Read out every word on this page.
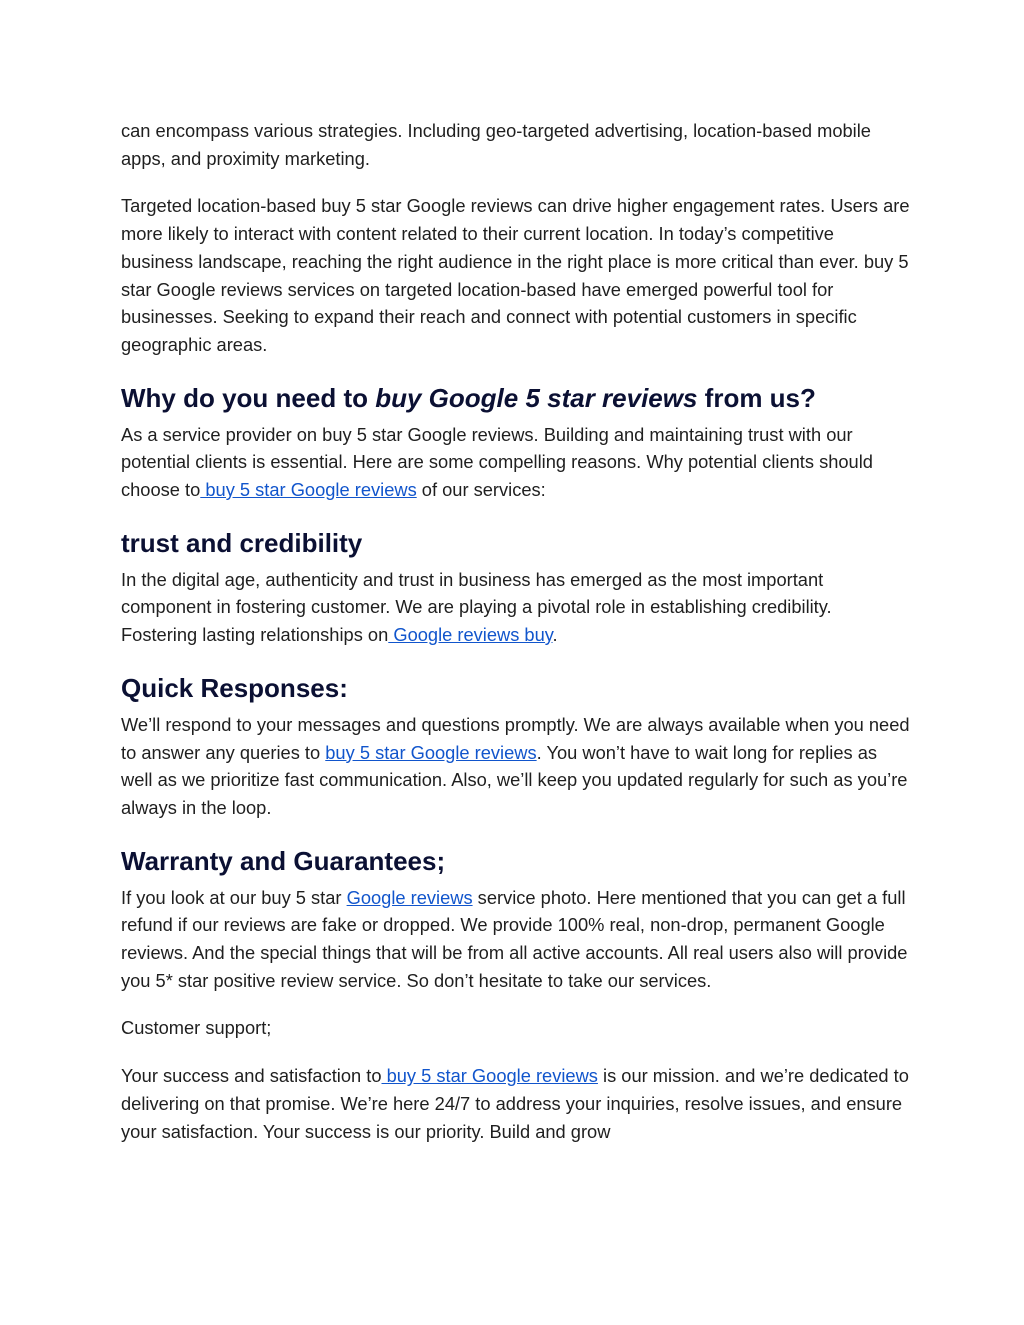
can encompass various strategies. Including geo-targeted advertising, location-based mobile apps, and proximity marketing.

Targeted location-based buy 5 star Google reviews can drive higher engagement rates. Users are more likely to interact with content related to their current location. In today’s competitive business landscape, reaching the right audience in the right place is more critical than ever. buy 5 star Google reviews services on targeted location-based have emerged powerful tool for businesses. Seeking to expand their reach and connect with potential customers in specific geographic areas.

Why do you need to buy Google 5 star reviews from us?

As a service provider on buy 5 star Google reviews. Building and maintaining trust with our potential clients is essential. Here are some compelling reasons. Why potential clients should choose to buy 5 star Google reviews of our services:

trust and credibility

In the digital age, authenticity and trust in business has emerged as the most important component in fostering customer. We are playing a pivotal role in establishing credibility. Fostering lasting relationships on Google reviews buy.

Quick Responses:

We’ll respond to your messages and questions promptly. We are always available when you need to answer any queries to buy 5 star Google reviews. You won’t have to wait long for replies as well as we prioritize fast communication. Also, we’ll keep you updated regularly for such as you’re always in the loop.

Warranty and Guarantees;

If you look at our buy 5 star Google reviews service photo. Here mentioned that you can get a full refund if our reviews are fake or dropped. We provide 100% real, non-drop, permanent Google reviews. And the special things that will be from all active accounts. All real users also will provide you 5* star positive review service. So don’t hesitate to take our services.

Customer support;

Your success and satisfaction to buy 5 star Google reviews is our mission. and we’re dedicated to delivering on that promise. We’re here 24/7 to address your inquiries, resolve issues, and ensure your satisfaction. Your success is our priority. Build and grow
